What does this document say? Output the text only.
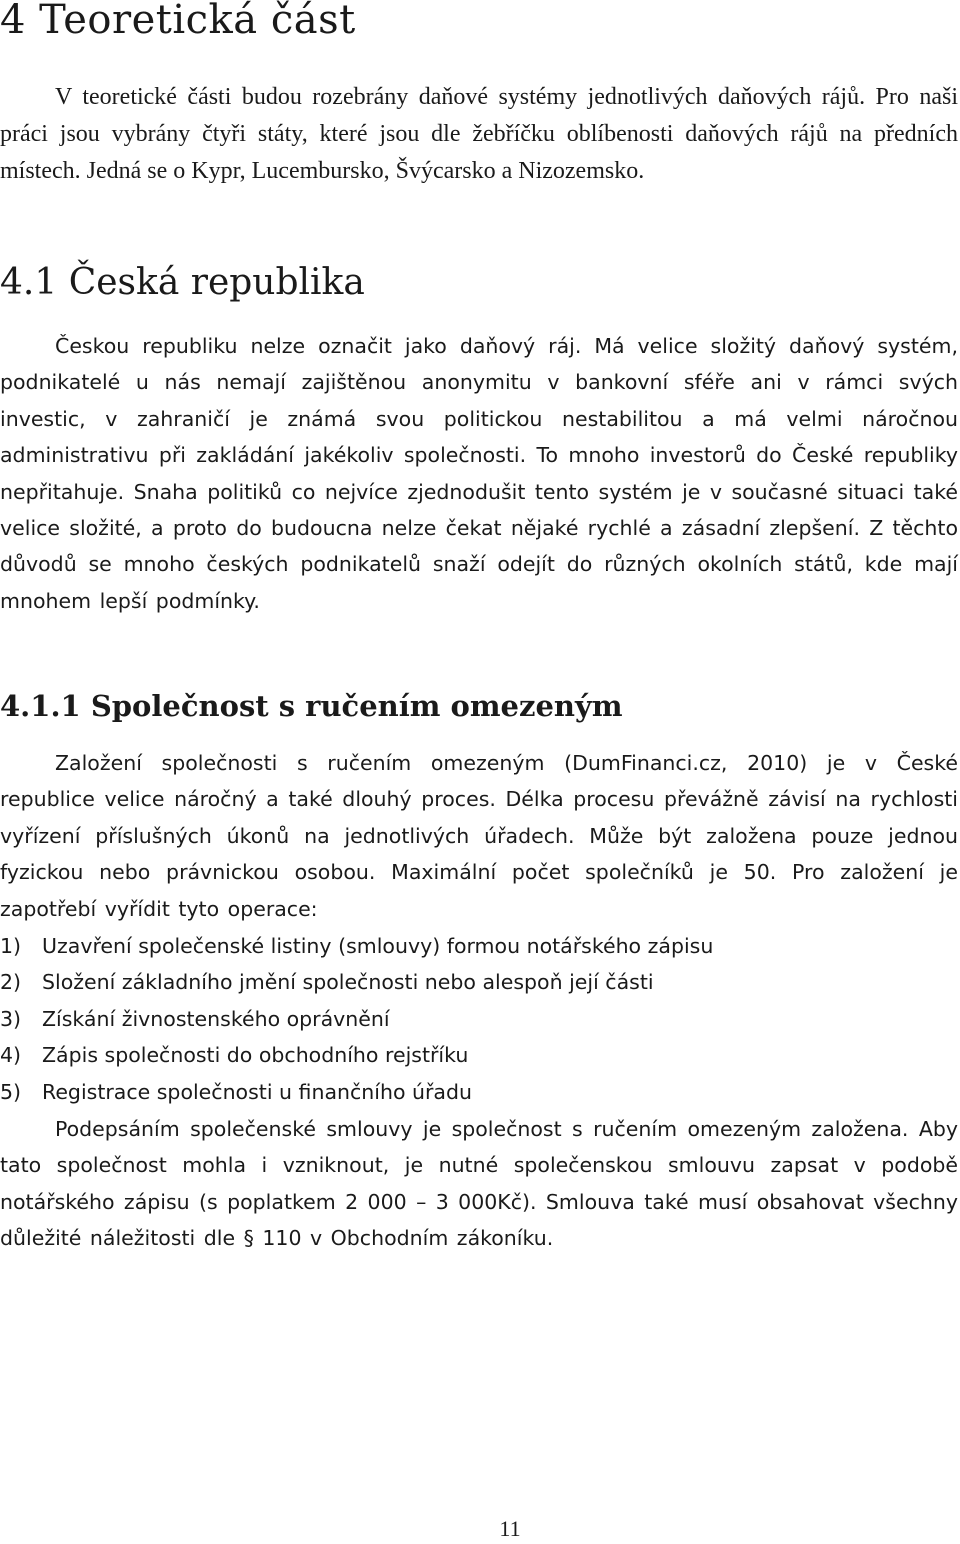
4 Teoretická část

V teoretické části budou rozebrány daňové systémy jednotlivých daňových rájů. Pro naši práci jsou vybrány čtyři státy, které jsou dle žebříčku oblíbenosti daňových rájů na předních místech. Jedná se o Kypr, Lucembursko, Švýcarsko a Nizozemsko.

4.1 Česká republika

Českou republiku nelze označit jako daňový ráj. Má velice složitý daňový systém, podnikatelé u nás nemají zajištěnou anonymitu v bankovní sféře ani v rámci svých investic, v zahraničí je známá svou politickou nestabilitou a má velmi náročnou administrativu při zakládání jakékoliv společnosti. To mnoho investorů do České republiky nepřitahuje. Snaha politiků co nejvíce zjednodušit tento systém je v současné situaci také velice složité, a proto do budoucna nelze čekat nějaké rychlé a zásadní zlepšení. Z těchto důvodů se mnoho českých podnikatelů snaží odejít do různých okolních států, kde mají mnohem lepší podmínky.

4.1.1 Společnost s ručením omezeným

Založení společnosti s ručením omezeným (DumFinanci.cz, 2010) je v České republice velice náročný a také dlouhý proces. Délka procesu převážně závisí na rychlosti vyřízení příslušných úkonů na jednotlivých úřadech. Může být založena pouze jednou fyzickou nebo právnickou osobou. Maximální počet společníků je 50. Pro založení je zapotřebí vyřídit tyto operace:

1)	Uzavření společenské listiny (smlouvy) formou notářského zápisu
2)	Složení základního jmění společnosti nebo alespoň její části
3)	Získání živnostenského oprávnění
4)	Zápis společnosti do obchodního rejstříku
5)	Registrace společnosti u finančního úřadu

Podepsáním společenské smlouvy je společnost s ručením omezeným založena. Aby tato společnost mohla i vzniknout, je nutné společenskou smlouvu zapsat v podobě notářského zápisu (s poplatkem 2 000 – 3 000Kč). Smlouva také musí obsahovat všechny důležité náležitosti dle § 110 v Obchodním zákoníku.

11
